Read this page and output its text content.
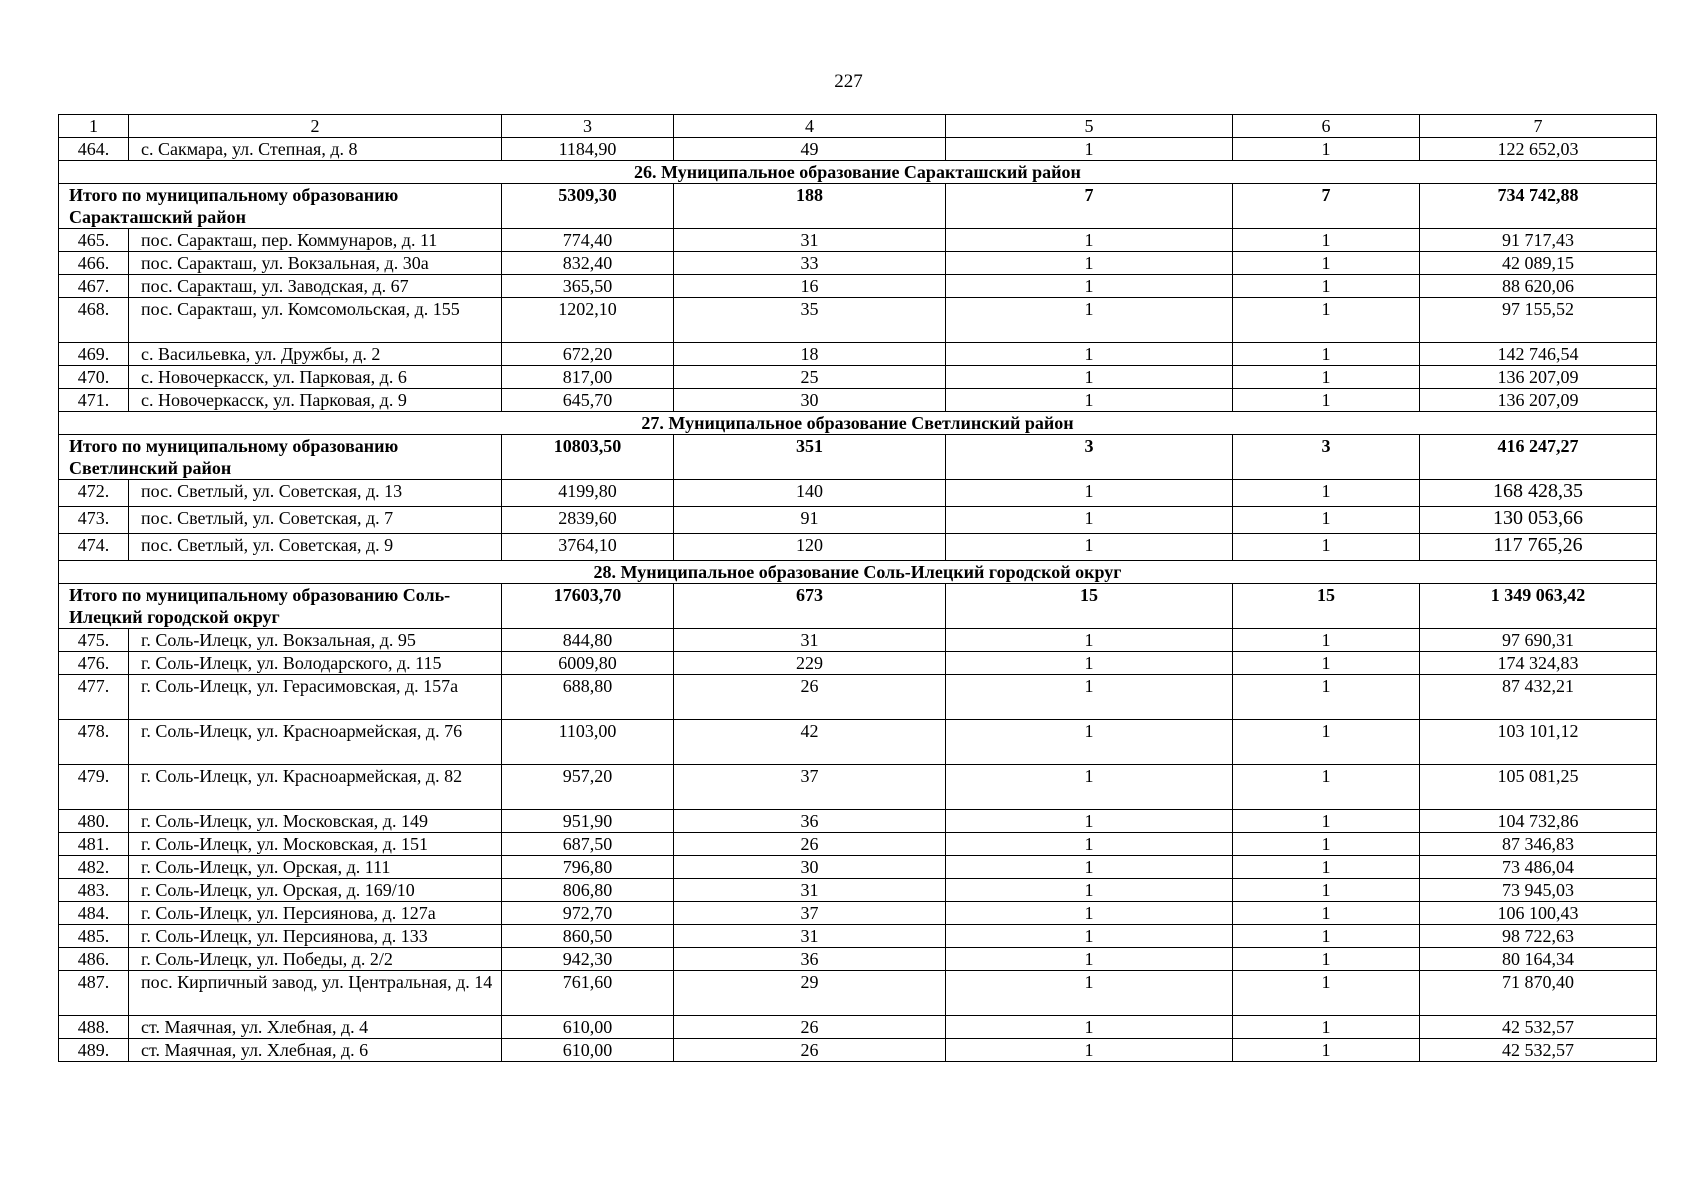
227
1	2	3	4	5	6	7
464.	с. Сакмара, ул. Степная, д. 8	1184,90	49	1	1	122 652,03
26. Муниципальное образование Саракташский район						
Итого по муниципальному образованию Саракташский район		5309,30	188	7	7	734 742,88
465.	пос. Саракташ, пер. Коммунаров, д. 11	774,40	31	1	1	91 717,43
466.	пос. Саракташ, ул. Вокзальная, д. 30а	832,40	33	1	1	42 089,15
467.	пос. Саракташ, ул. Заводская, д. 67	365,50	16	1	1	88 620,06
468.	пос. Саракташ, ул. Комсомольская, д. 155	1202,10	35	1	1	97 155,52
469.	с. Васильевка, ул. Дружбы, д. 2	672,20	18	1	1	142 746,54
470.	с. Новочеркасск, ул. Парковая, д. 6	817,00	25	1	1	136 207,09
471.	с. Новочеркасск, ул. Парковая, д. 9	645,70	30	1	1	136 207,09
27. Муниципальное образование Светлинский район						
Итого по муниципальному образованию Светлинский район		10803,50	351	3	3	416 247,27
472.	пос. Светлый, ул. Советская, д. 13	4199,80	140	1	1	168 428,35
473.	пос. Светлый, ул. Советская, д. 7	2839,60	91	1	1	130 053,66
474.	пос. Светлый, ул. Советская, д. 9	3764,10	120	1	1	117 765,26
28. Муниципальное образование Соль-Илецкий городской округ						
Итого по муниципальному образованию Соль-Илецкий городской округ		17603,70	673	15	15	1 349 063,42
475.	г. Соль-Илецк, ул. Вокзальная, д. 95	844,80	31	1	1	97 690,31
476.	г. Соль-Илецк, ул. Володарского, д. 115	6009,80	229	1	1	174 324,83
477.	г. Соль-Илецк, ул. Герасимовская, д. 157а	688,80	26	1	1	87 432,21
478.	г. Соль-Илецк, ул. Красноармейская, д. 76	1103,00	42	1	1	103 101,12
479.	г. Соль-Илецк, ул. Красноармейская, д. 82	957,20	37	1	1	105 081,25
480.	г. Соль-Илецк, ул. Московская, д. 149	951,90	36	1	1	104 732,86
481.	г. Соль-Илецк, ул. Московская, д. 151	687,50	26	1	1	87 346,83
482.	г. Соль-Илецк, ул. Орская, д. 111	796,80	30	1	1	73 486,04
483.	г. Соль-Илецк, ул. Орская, д. 169/10	806,80	31	1	1	73 945,03
484.	г. Соль-Илецк, ул. Персиянова, д. 127а	972,70	37	1	1	106 100,43
485.	г. Соль-Илецк, ул. Персиянова, д. 133	860,50	31	1	1	98 722,63
486.	г. Соль-Илецк, ул. Победы, д. 2/2	942,30	36	1	1	80 164,34
487.	пос. Кирпичный завод, ул. Центральная, д. 14	761,60	29	1	1	71 870,40
488.	ст. Маячная, ул. Хлебная, д. 4	610,00	26	1	1	42 532,57
489.	ст. Маячная, ул. Хлебная, д. 6	610,00	26	1	1	42 532,57
